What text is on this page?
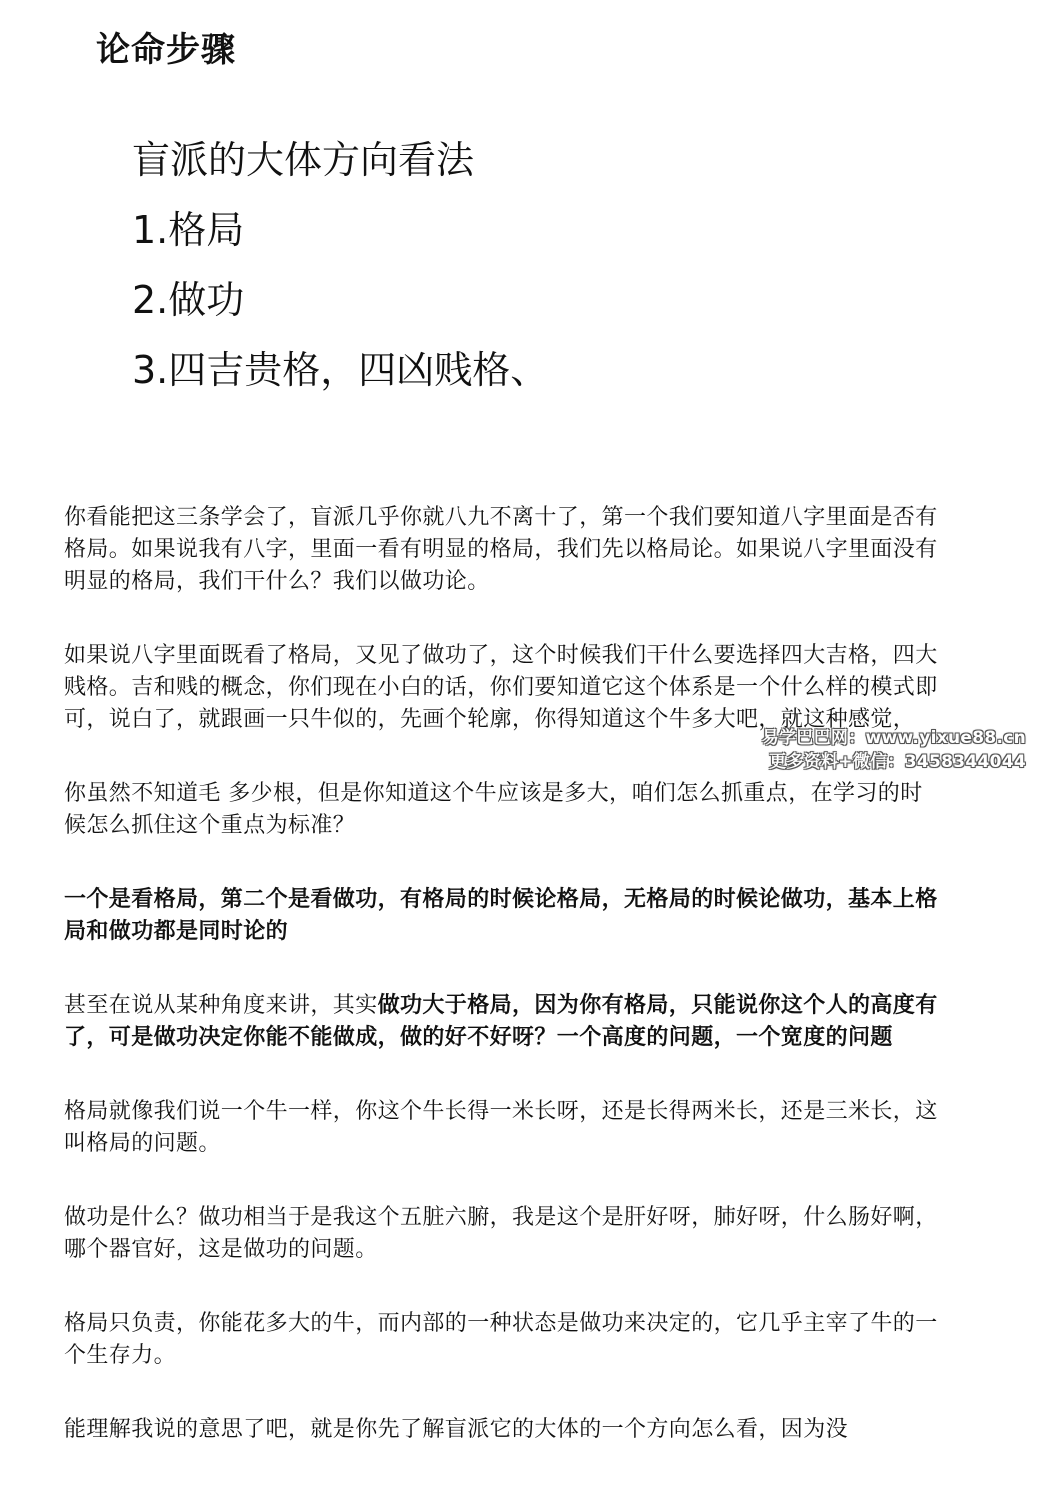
论命步骤

盲派的大体方向看法

1.格局

2.做功

3.四吉贵格，四凶贱格、

你看能把这三条学会了，盲派几乎你就八九不离十了，第一个我们要知道八字里面是否有格局。如果说我有八字，里面一看有明显的格局，我们先以格局论。如果说八字里面没有明显的格局，我们干什么？我们以做功论。

如果说八字里面既看了格局，又见了做功了，这个时候我们干什么要选择四大吉格，四大贱格。吉和贱的概念，你们现在小白的话，你们要知道它这个体系是一个什么样的模式即可，说白了，就跟画一只牛似的，先画个轮廓，你得知道这个牛多大吧，就这种感觉，

你虽然不知道毛 多少根，但是你知道这个牛应该是多大，咱们怎么抓重点，在学习的时候怎么抓住这个重点为标准？

一个是看格局，第二个是看做功，有格局的时候论格局，无格局的时候论做功，基本上格局和做功都是同时论的

甚至在说从某种角度来讲，其实做功大于格局，因为你有格局，只能说你这个人的高度有了，可是做功决定你能不能做成，做的好不好呀？一个高度的问题，一个宽度的问题

格局就像我们说一个牛一样，你这个牛长得一米长呀，还是长得两米长，还是三米长，这叫格局的问题。

做功是什么？做功相当于是我这个五脏六腑，我是这个是肝好呀，肺好呀，什么肠好啊，哪个器官好，这是做功的问题。

格局只负责，你能花多大的牛，而内部的一种状态是做功来决定的，它几乎主宰了牛的一个生存力。

能理解我说的意思了吧，就是你先了解盲派它的大体的一个方向怎么看，因为没

易学巴巴网：www.yixue88.cn
更多资料+微信：3458344044
